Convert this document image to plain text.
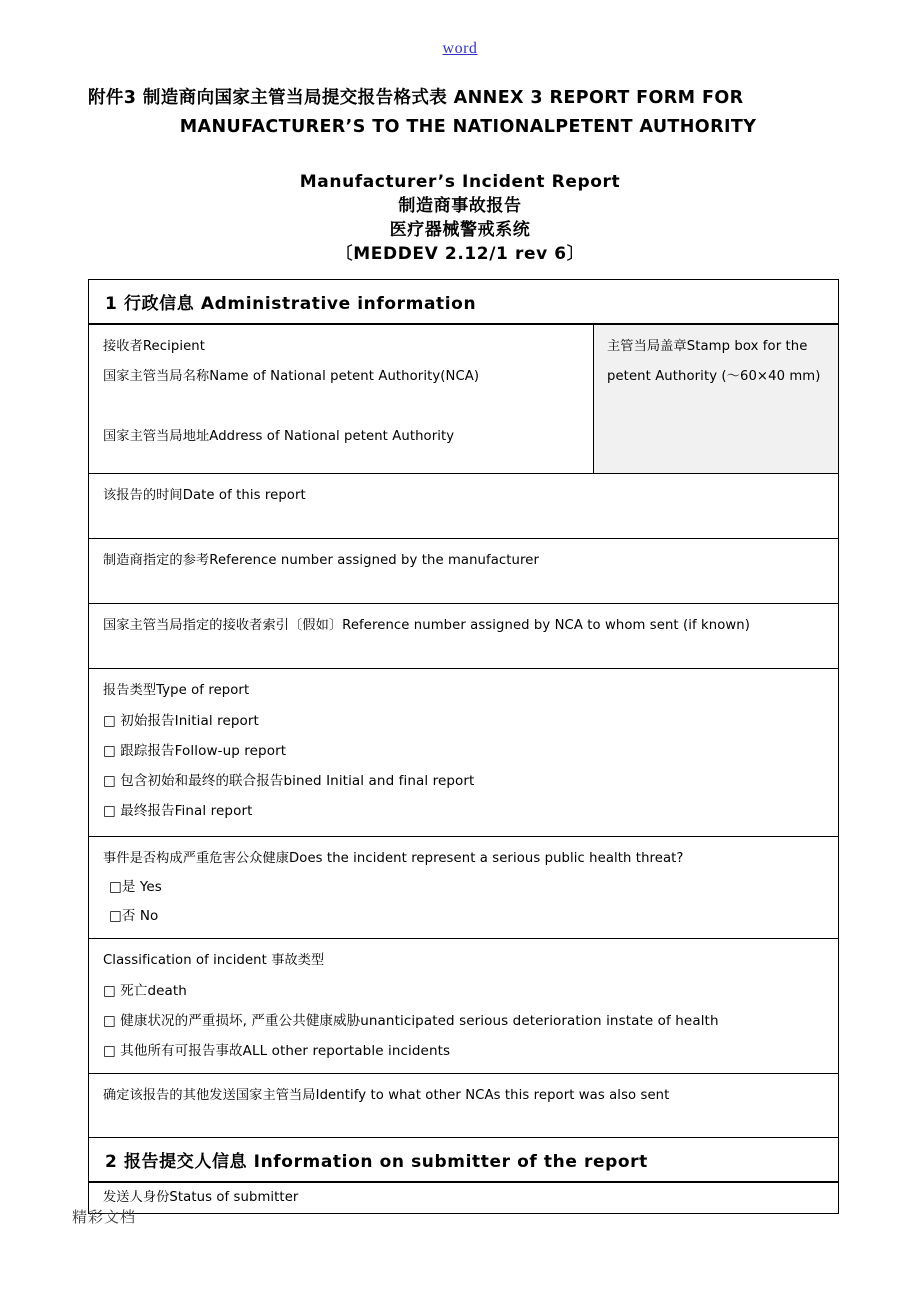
word
附件3 制造商向国家主管当局提交报告格式表 ANNEX 3 REPORT FORM FOR
MANUFACTURER’S TO THE NATIONALPETENT AUTHORITY
Manufacturer’s Incident Report
制造商事故报告
医疗器械警戒系统
〔MEDDEV 2.12/1 rev 6〕
1 行政信息 Administrative information

接收者Recipient
国家主管当局名称Name of National petent Authority(NCA)

国家主管当局地址Address of National petent Authority

主管当局盖章Stamp box for the
petent Authority (～60×40 mm)

该报告的时间Date of this report

制造商指定的参考Reference number assigned by the manufacturer

国家主管当局指定的接收者索引〔假如〕Reference number assigned by NCA to whom sent (if known)

报告类型Type of report
□ 初始报告Initial report
□ 跟踪报告Follow-up report
□ 包含初始和最终的联合报告bined Initial and final report
□ 最终报告Final report

事件是否构成严重危害公众健康Does the incident represent a serious public health threat?
□是 Yes
□否 No

Classification of incident 事故类型
□ 死亡death
□ 健康状况的严重损坏, 严重公共健康威胁unanticipated serious deterioration instate of health
□ 其他所有可报告事故ALL other reportable incidents

确定该报告的其他发送国家主管当局Identify to what other NCAs this report was also sent

2 报告提交人信息 Information on submitter of the report

发送人身份Status of submitter
精彩文档
